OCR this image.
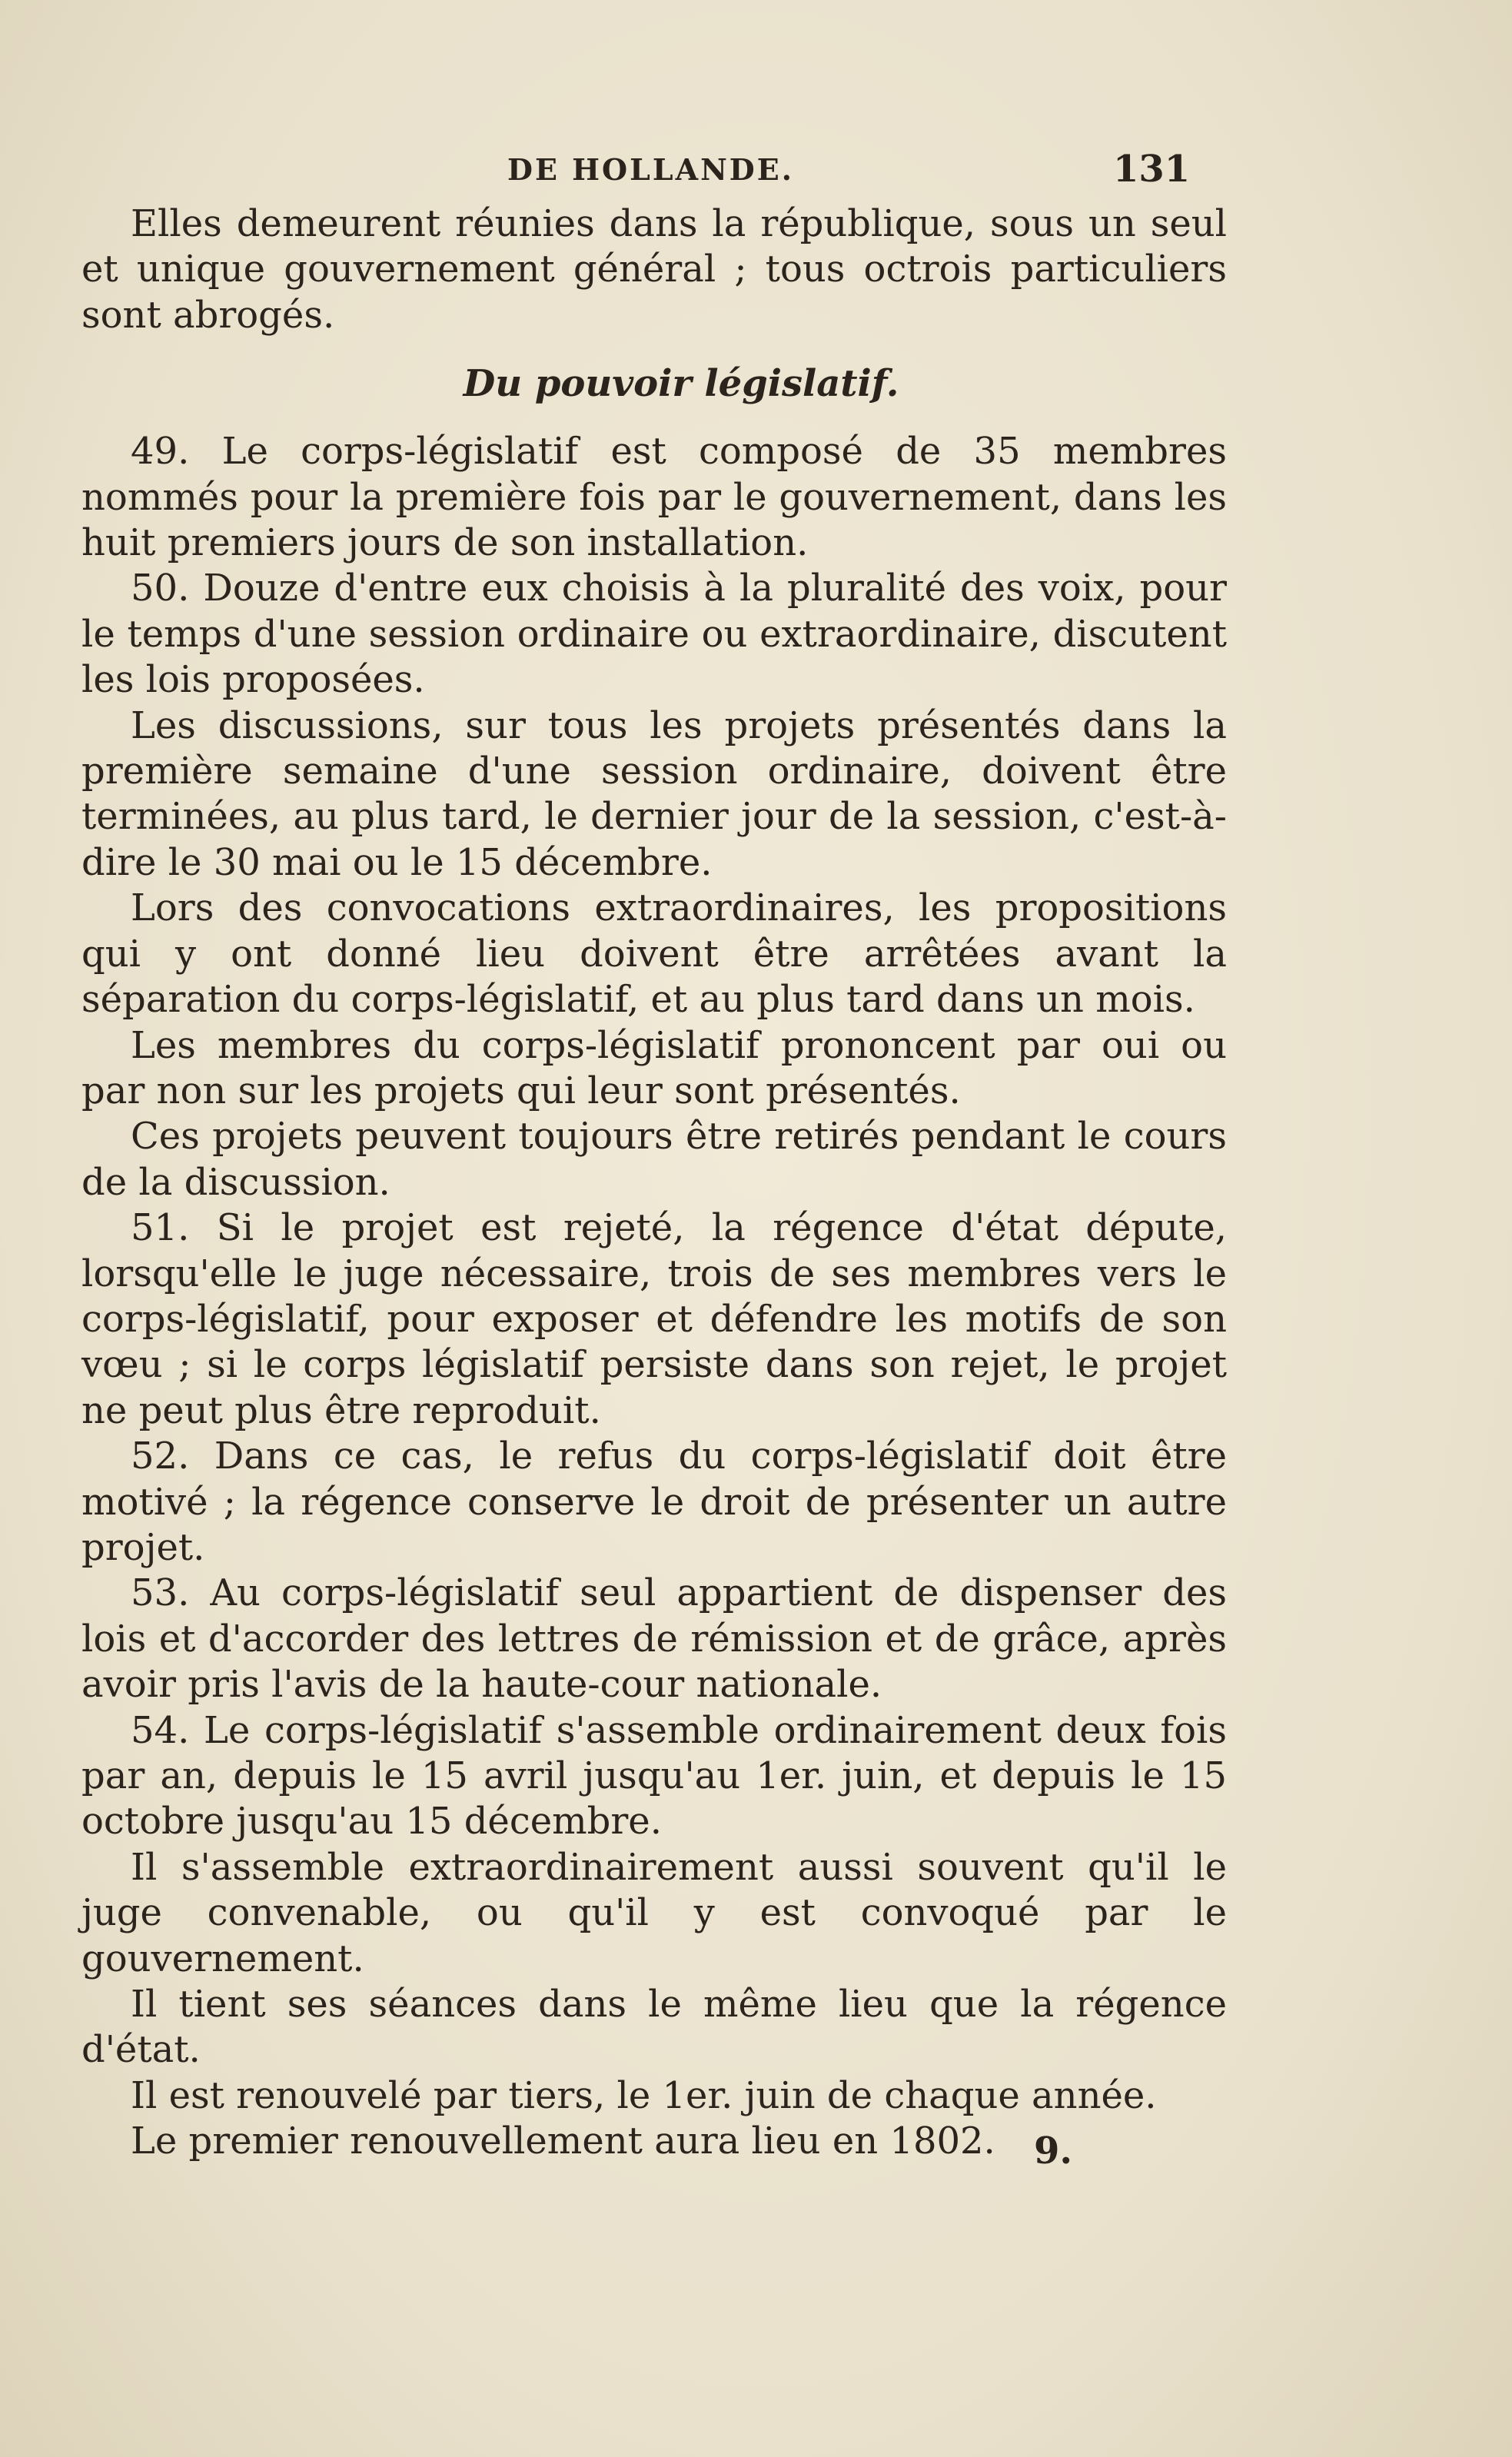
DE HOLLANDE.	131

Elles demeurent réunies dans la république, sous un seul et unique gouvernement général ; tous octrois particuliers sont abrogés.

Du pouvoir législatif.

49. Le corps-législatif est composé de 35 membres nommés pour la première fois par le gouvernement, dans les huit premiers jours de son installation.

50. Douze d'entre eux choisis à la pluralité des voix, pour le temps d'une session ordinaire ou extraordinaire, discutent les lois proposées.

Les discussions, sur tous les projets présentés dans la première semaine d'une session ordinaire, doivent être terminées, au plus tard, le dernier jour de la session, c'est-à-dire le 30 mai ou le 15 décembre.

Lors des convocations extraordinaires, les propositions qui y ont donné lieu doivent être arrêtées avant la séparation du corps-législatif, et au plus tard dans un mois.

Les membres du corps-législatif prononcent par oui ou par non sur les projets qui leur sont présentés.

Ces projets peuvent toujours être retirés pendant le cours de la discussion.

51. Si le projet est rejeté, la régence d'état députe, lorsqu'elle le juge nécessaire, trois de ses membres vers le corps-législatif, pour exposer et défendre les motifs de son vœu ; si le corps législatif persiste dans son rejet, le projet ne peut plus être reproduit.

52. Dans ce cas, le refus du corps-législatif doit être motivé ; la régence conserve le droit de présenter un autre projet.

53. Au corps-législatif seul appartient de dispenser des lois et d'accorder des lettres de rémission et de grâce, après avoir pris l'avis de la haute-cour nationale.

54. Le corps-législatif s'assemble ordinairement deux fois par an, depuis le 15 avril jusqu'au 1er. juin, et depuis le 15 octobre jusqu'au 15 décembre.

Il s'assemble extraordinairement aussi souvent qu'il le juge convenable, ou qu'il y est convoqué par le gouvernement.

Il tient ses séances dans le même lieu que la régence d'état.

Il est renouvelé par tiers, le 1er. juin de chaque année.

Le premier renouvellement aura lieu en 1802.	9.
